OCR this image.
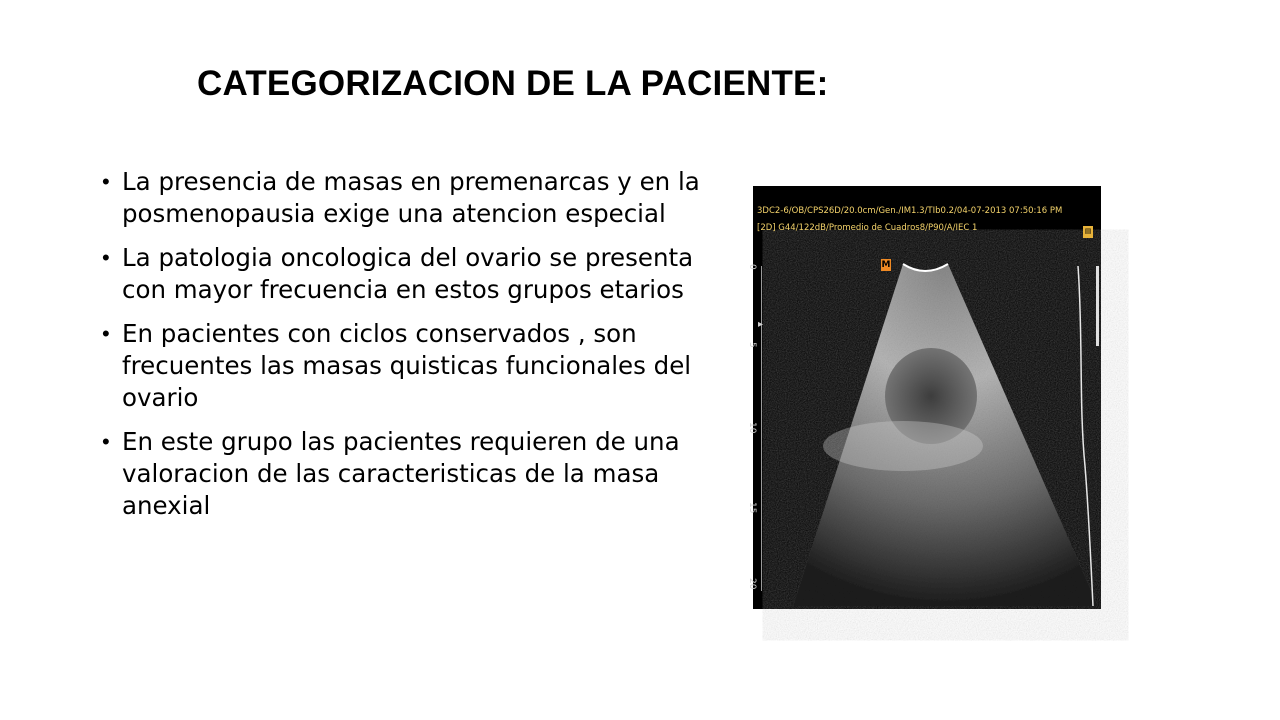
CATEGORIZACION DE LA PACIENTE:
• La presencia de masas en premenarcas y en la posmenopausia exige una atencion especial
• La patologia oncologica del ovario se presenta con mayor frecuencia en estos grupos etarios
• En pacientes con ciclos conservados , son frecuentes las masas quisticas funcionales del ovario
• En este grupo las pacientes requieren de una valoracion de las caracteristicas de la masa anexial
3DC2-6/OB/CPS26D/20.0cm/Gen./IM1.3/TIb0.2/04-07-2013 07:50:16 PM
[2D] G44/122dB/Promedio de Cuadros8/P90/A/IEC 1
M
▤
▸
0
5
10
15
20
